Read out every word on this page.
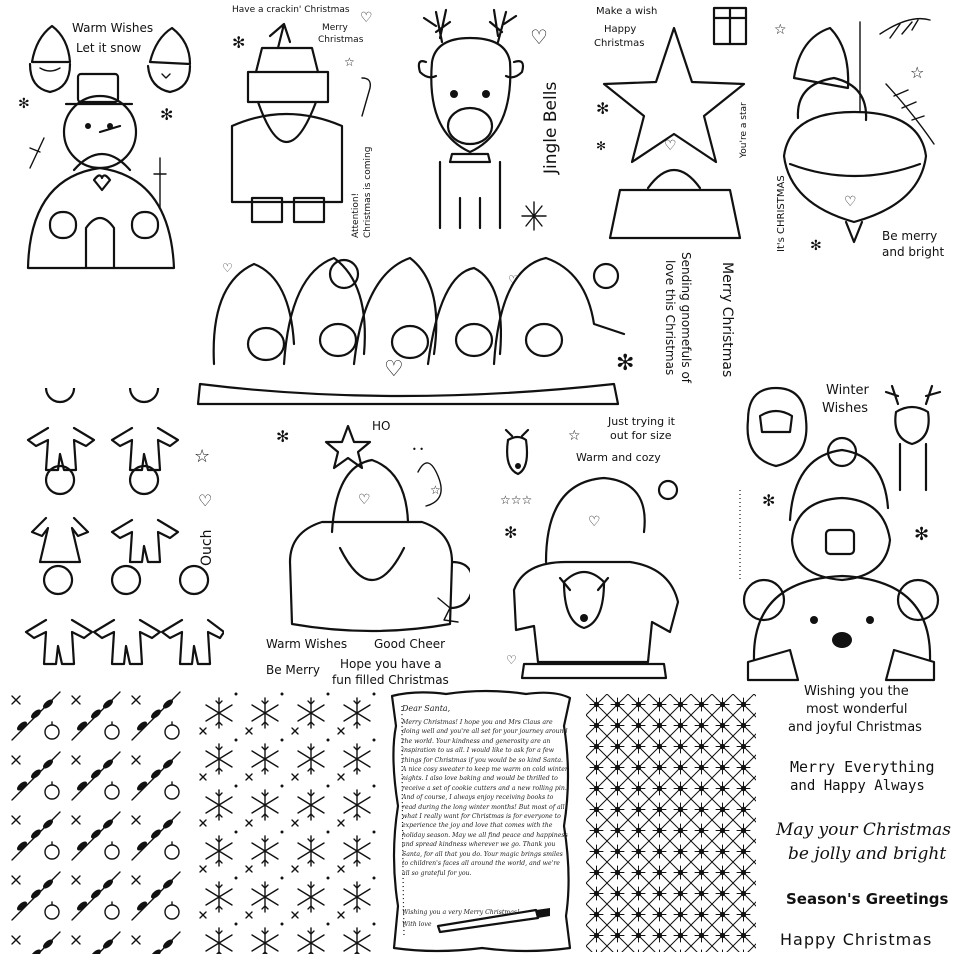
✻
✻
Warm Wishes
Let it snow	✻
☆
♡
Have a crackin' Christmas
Merry
Christmas
Attention! Christmas is coming
♡
Jingle Bells	♡
✻
✻
Make a wish
Happy
Christmas
You're a star
♡
☆
☆
✻
It's CHRISTMAS	Be merry
and bright
♡
♡
♡
✻	Sending gnomefuls of
love this Christmas	Merry Christmas
☆
♡
Ouch
♡
✻
☆
• •
HO
Warm Wishes Good Cheer
Be Merry Hope you have a
fun filled Christmas
☆
☆☆☆
✻
♡
♡
Just trying it
out for size
Warm and cozy
✻
✻
Winter
Wishes
Dear Santa,
Merry Christmas! I hope you and Mrs Claus are doing well and you're all set for your journey around the world. Your kindness and generosity are an inspiration to us all. I would like to ask for a few things for Christmas if you would be so kind Santa. A nice cosy sweater to keep me warm on cold winter nights. I also love baking and would be thrilled to receive a set of cookie cutters and a new rolling pin. And of course, I always enjoy receiving books to read during the long winter months! But most of all, what I really want for Christmas is for everyone to experience the joy and love that comes with the holiday season. May we all find peace and happiness and spread kindness wherever we go. Thank you Santa, for all that you do. Your magic brings smiles to children's faces all around the world, and we're all so grateful for you.
Wishing you a very Merry Christmas!
With love
Wishing you the
most wonderful
and joyful Christmas
Merry Everything
and Happy Always
May your Christmas
be jolly and bright
Season's Greetings
Happy Christmas
